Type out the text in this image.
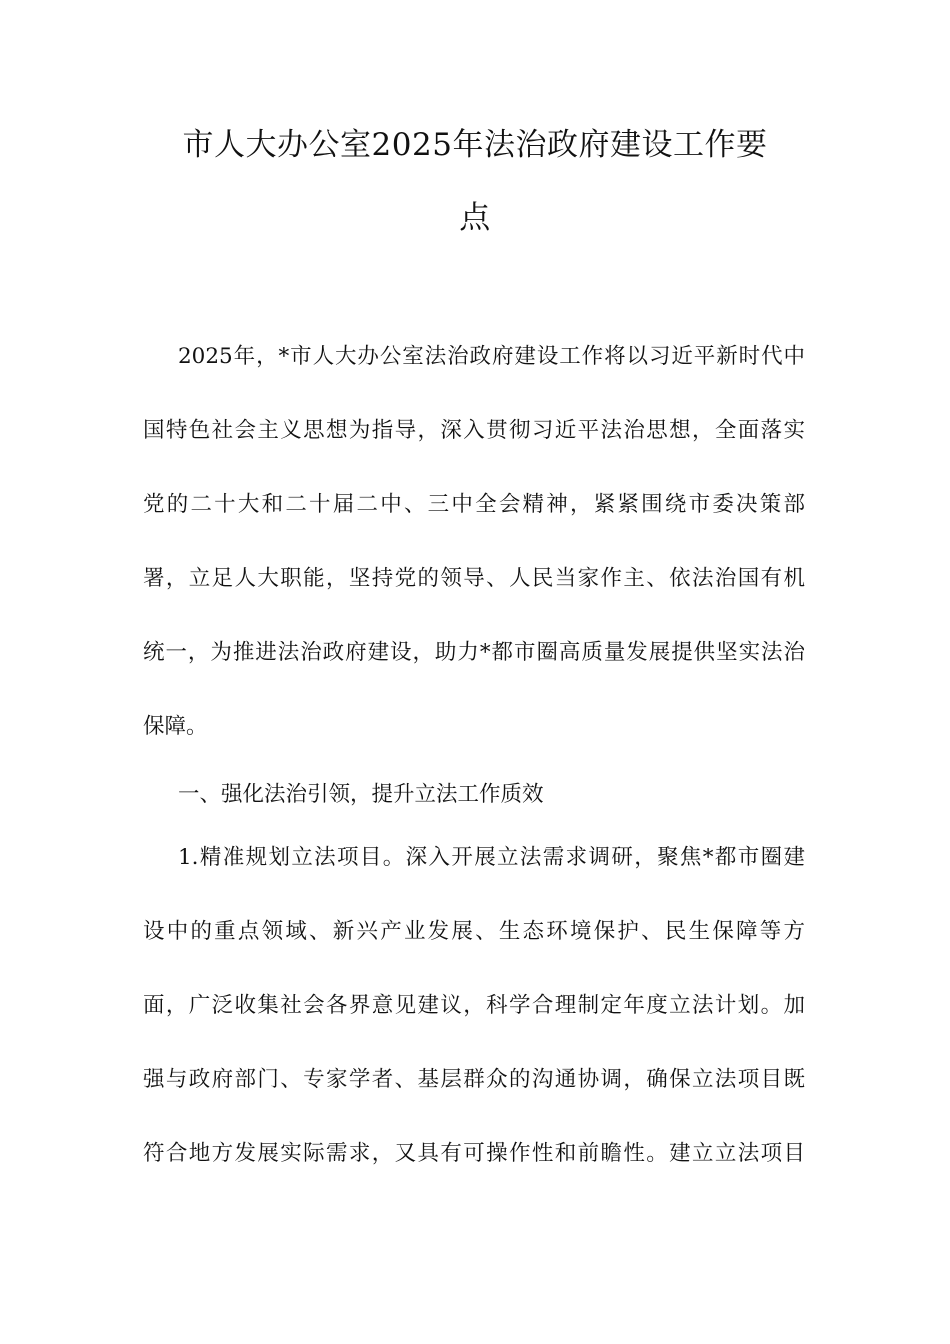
市人大办公室2025年法治政府建设工作要
点
2025年，*市人大办公室法治政府建设工作将以习近平新时代中
国特色社会主义思想为指导，深入贯彻习近平法治思想，全面落实
党的二十大和二十届二中、三中全会精神，紧紧围绕市委决策部
署，立足人大职能，坚持党的领导、人民当家作主、依法治国有机
统一，为推进法治政府建设，助力*都市圈高质量发展提供坚实法治
保障。
一、强化法治引领，提升立法工作质效
1.精准规划立法项目。深入开展立法需求调研，聚焦*都市圈建
设中的重点领域、新兴产业发展、生态环境保护、民生保障等方
面，广泛收集社会各界意见建议，科学合理制定年度立法计划。加
强与政府部门、专家学者、基层群众的沟通协调，确保立法项目既
符合地方发展实际需求，又具有可操作性和前瞻性。建立立法项目
